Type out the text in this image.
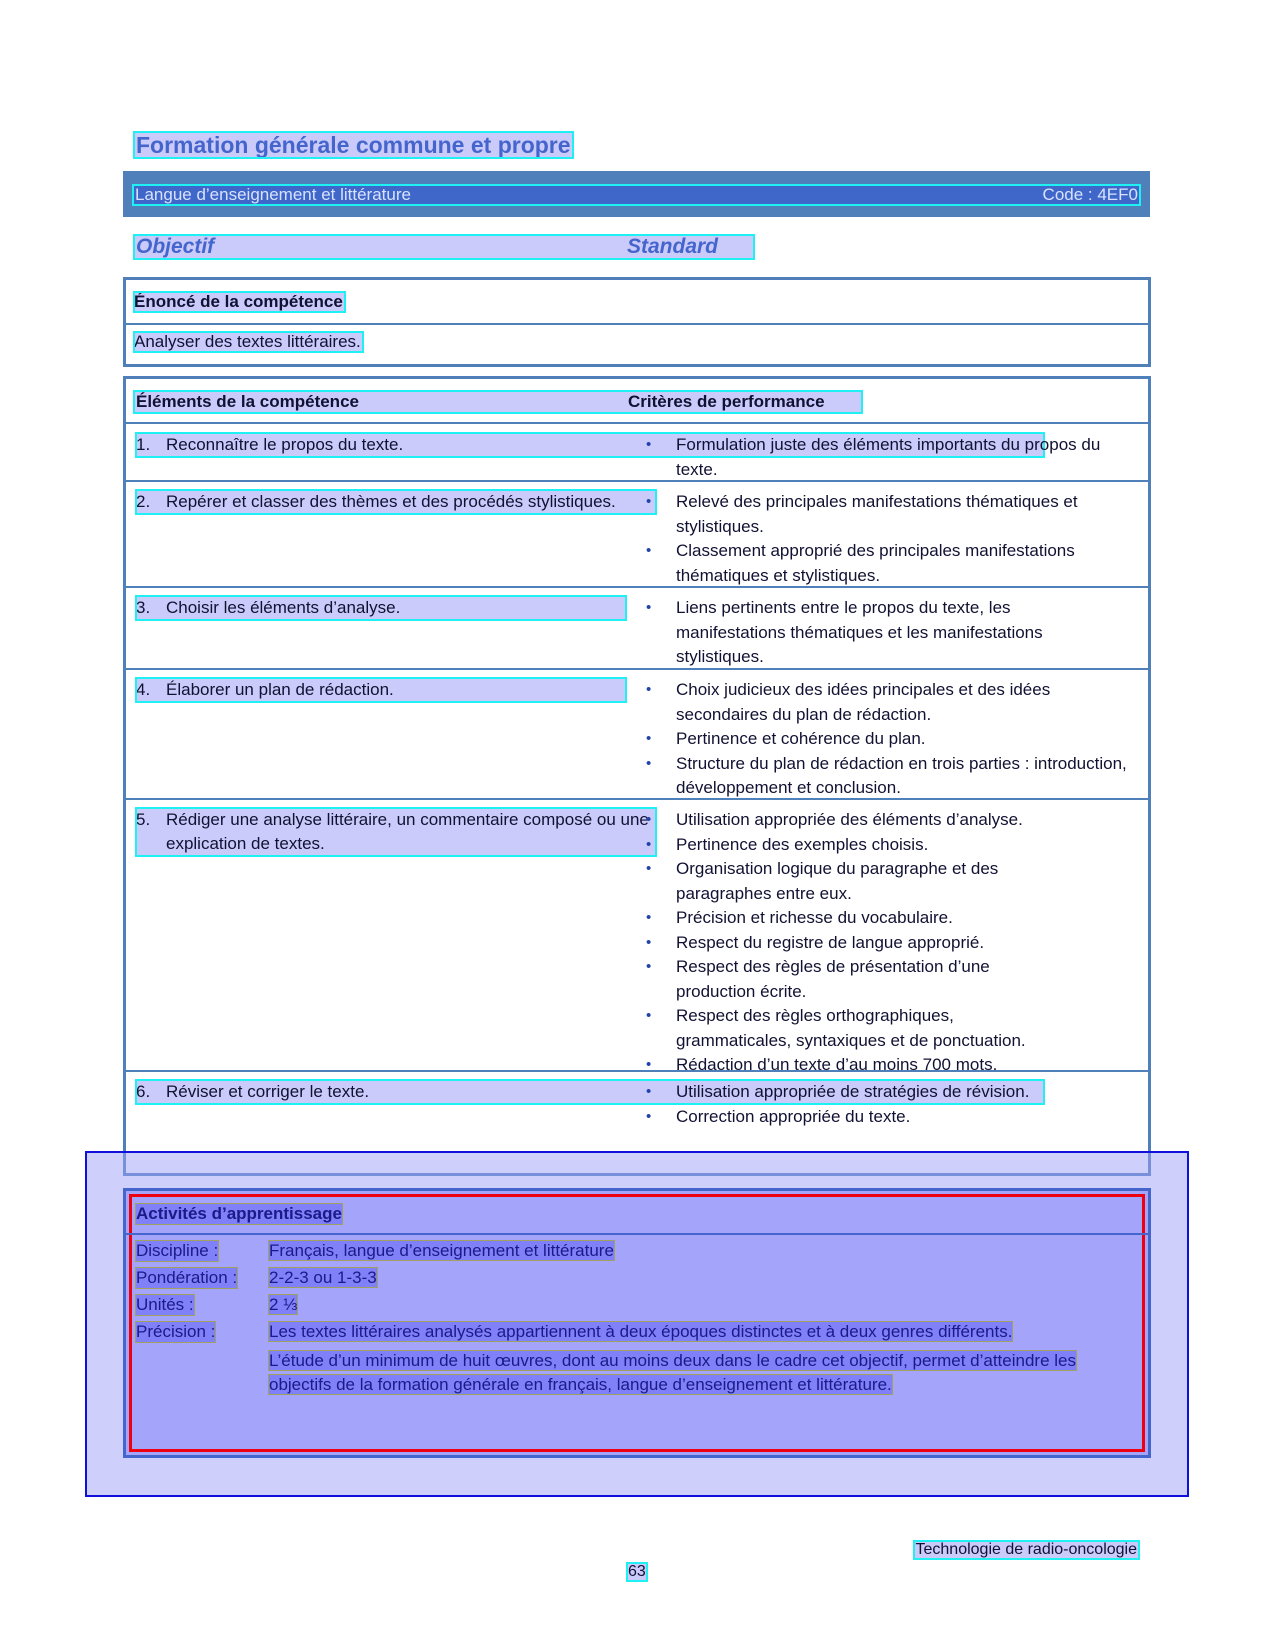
Formation générale commune et propre
Langue d’enseignement et littérature	Code : 4EF0
Objectif	Standard
Énoncé de la compétence
Analyser des textes littéraires.
Éléments de la compétence	Critères de performance
1. Reconnaître le propos du texte.	• Formulation juste des éléments importants du propos du texte.
2. Repérer et classer des thèmes et des procédés stylistiques.	• Relevé des principales manifestations thématiques et stylistiques.
• Classement approprié des principales manifestations thématiques et stylistiques.
3. Choisir les éléments d’analyse.	• Liens pertinents entre le propos du texte, les manifestations thématiques et les manifestations stylistiques.
4. Élaborer un plan de rédaction.	• Choix judicieux des idées principales et des idées secondaires du plan de rédaction.
• Pertinence et cohérence du plan.
• Structure du plan de rédaction en trois parties : introduction, développement et conclusion.
5. Rédiger une analyse littéraire, un commentaire composé ou une explication de textes.
• Utilisation appropriée des éléments d’analyse.
• Pertinence des exemples choisis.
• Organisation logique du paragraphe et des paragraphes entre eux.
• Précision et richesse du vocabulaire.
• Respect du registre de langue approprié.
• Respect des règles de présentation d’une production écrite.
• Respect des règles orthographiques, grammaticales, syntaxiques et de ponctuation.
• Rédaction d’un texte d’au moins 700 mots.
6. Réviser et corriger le texte.	• Utilisation appropriée de stratégies de révision.
• Correction appropriée du texte.
Activités d’apprentissage
Discipline :	Français, langue d’enseignement et littérature
Pondération : 2-2-3 ou 1-3-3
Unités :	2 ⅓
Précision :	Les textes littéraires analysés appartiennent à deux époques distinctes et à deux genres différents.
L’étude d’un minimum de huit œuvres, dont au moins deux dans le cadre cet objectif, permet d’atteindre les objectifs de la formation générale en français, langue d’enseignement et littérature.
Technologie de radio-oncologie
63
